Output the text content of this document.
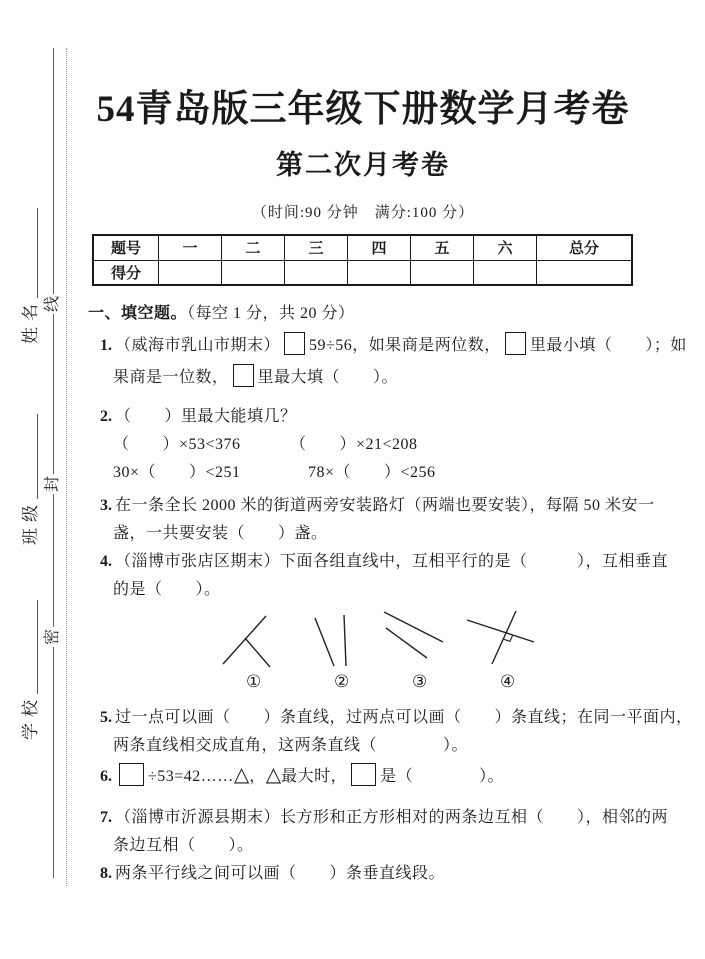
学校班级姓名 线
封
密
54青岛版三年级下册数学月考卷
第二次月考卷
（时间:90 分钟　满分:100 分）
题号	一	二	三	四	五	六	总分
得分							
一、填空题。（每空 1 分，共 20 分）
1. （威海市乳山市期末） 59÷56，如果商是两位数， 里最小填（　　）；如
果商是一位数， 里最大填（　　）。
2. （　　）里最大能填几？
（　　）×53<376	（　　）×21<208
30×（　　）<251	78×（　　）<256
3. 在一条全长 2000 米的街道两旁安装路灯（两端也要安装），每隔 50 米安一
盏，一共要安装（　　）盏。
4. （淄博市张店区期末）下面各组直线中，互相平行的是（　　　），互相垂直
的是（　　）。
①	②	③	④
5. 过一点可以画（　　）条直线，过两点可以画（　　）条直线；在同一平面内，
两条直线相交成直角，这两条直线（　　　　）。
6. ÷53=42……△，△最大时， 是（　　　　）。
7. （淄博市沂源县期末）长方形和正方形相对的两条边互相（　　），相邻的两
条边互相（　　）。
8. 两条平行线之间可以画（　　）条垂直线段。
